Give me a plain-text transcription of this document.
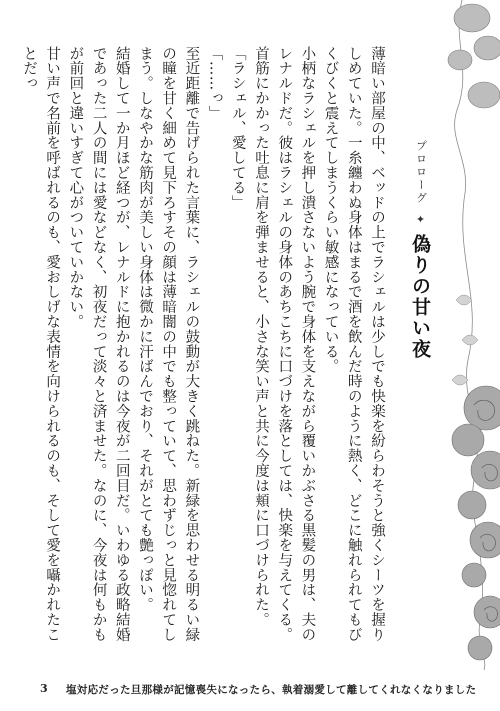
プロローグ
✦
偽りの甘い夜

薄暗い部屋の中、ベッドの上でラシェルは少しでも快楽を紛らわそうと強くシーツを握りしめていた。一糸纏わぬ身体はまるで酒を飲んだ時のように熱く、どこに触れられてもびくびくと震えてしまうくらい敏感になっている。

小柄なラシェルを押し潰さないよう腕で身体を支えながら覆いかぶさる黒髪の男は、夫のレナルドだ。彼はラシェルの身体のあちこちに口づけを落としては、快楽を与えてくる。

首筋にかかった吐息に肩を弾ませると、小さな笑い声と共に今度は頬に口づけられた。

「ラシェル、愛してる」

「……っ」

至近距離で告げられた言葉に、ラシェルの鼓動が大きく跳ねた。新緑を思わせる明るい緑の瞳を甘く細めて見下ろすその顔は薄暗闇の中でも整っていて、思わずじっと見惚れてしまう。しなやかな筋肉が美しい身体は微かに汗ばんでおり、それがとても艶っぽい。

結婚して一か月ほど経つが、レナルドに抱かれるのは今夜が二回目だ。いわゆる政略結婚であった二人の間には愛などなく、初夜だって淡々と済ませた。なのに、今夜は何もかもが前回と違いすぎて心がついていかない。

甘い声で名前を呼ばれるのも、愛おしげな表情を向けられるのも、そして愛を囁かれたことだっ

3 塩対応だった旦那様が記憶喪失になったら、執着溺愛して離してくれなくなりました
